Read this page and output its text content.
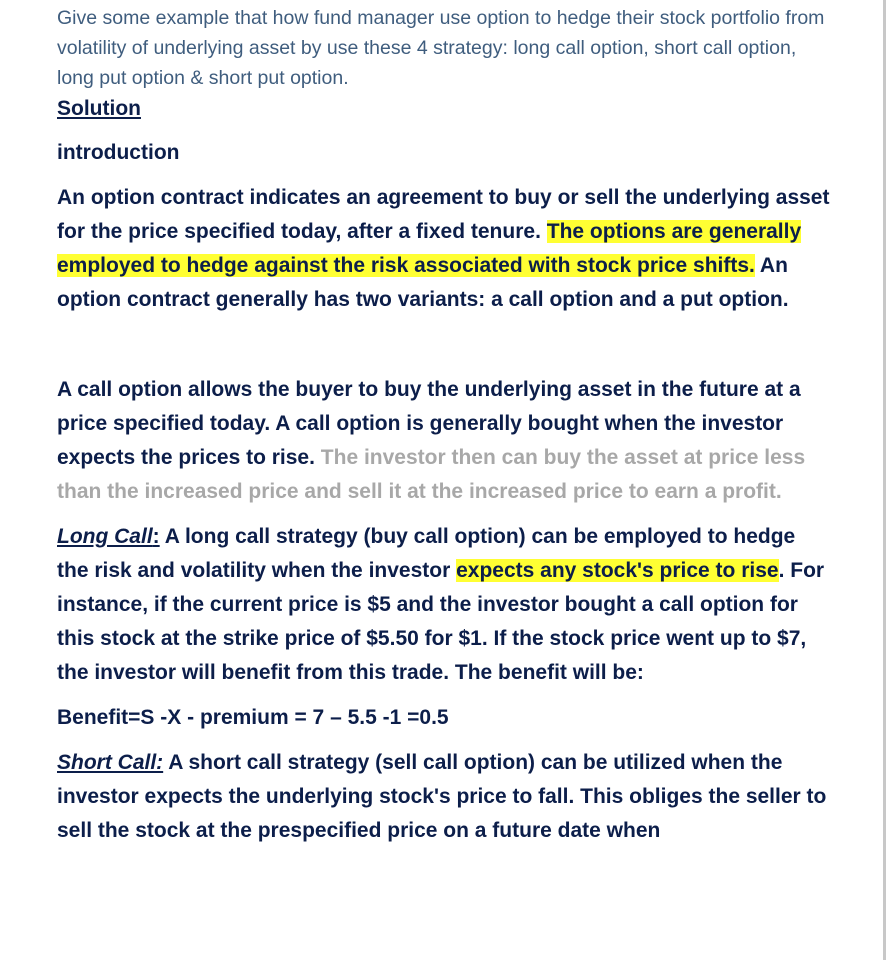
Give some example that how fund manager use option to hedge their stock portfolio from volatility of underlying asset by use these 4 strategy: long call option, short call option, long put option & short put option.

Solution

introduction

An option contract indicates an agreement to buy or sell the underlying asset for the price specified today, after a fixed tenure. The options are generally employed to hedge against the risk associated with stock price shifts. An option contract generally has two variants: a call option and a put option.

A call option allows the buyer to buy the underlying asset in the future at a price specified today. A call option is generally bought when the investor expects the prices to rise. The investor then can buy the asset at price less than the increased price and sell it at the increased price to earn a profit.

Long Call: A long call strategy (buy call option) can be employed to hedge the risk and volatility when the investor expects any stock's price to rise. For instance, if the current price is $5 and the investor bought a call option for this stock at the strike price of $5.50 for $1. If the stock price went up to $7, the investor will benefit from this trade. The benefit will be:

Benefit=S -X - premium = 7 – 5.5 -1 =0.5

Short Call: A short call strategy (sell call option) can be utilized when the investor expects the underlying stock's price to fall. This obliges the seller to sell the stock at the prespecified price on a future date when
